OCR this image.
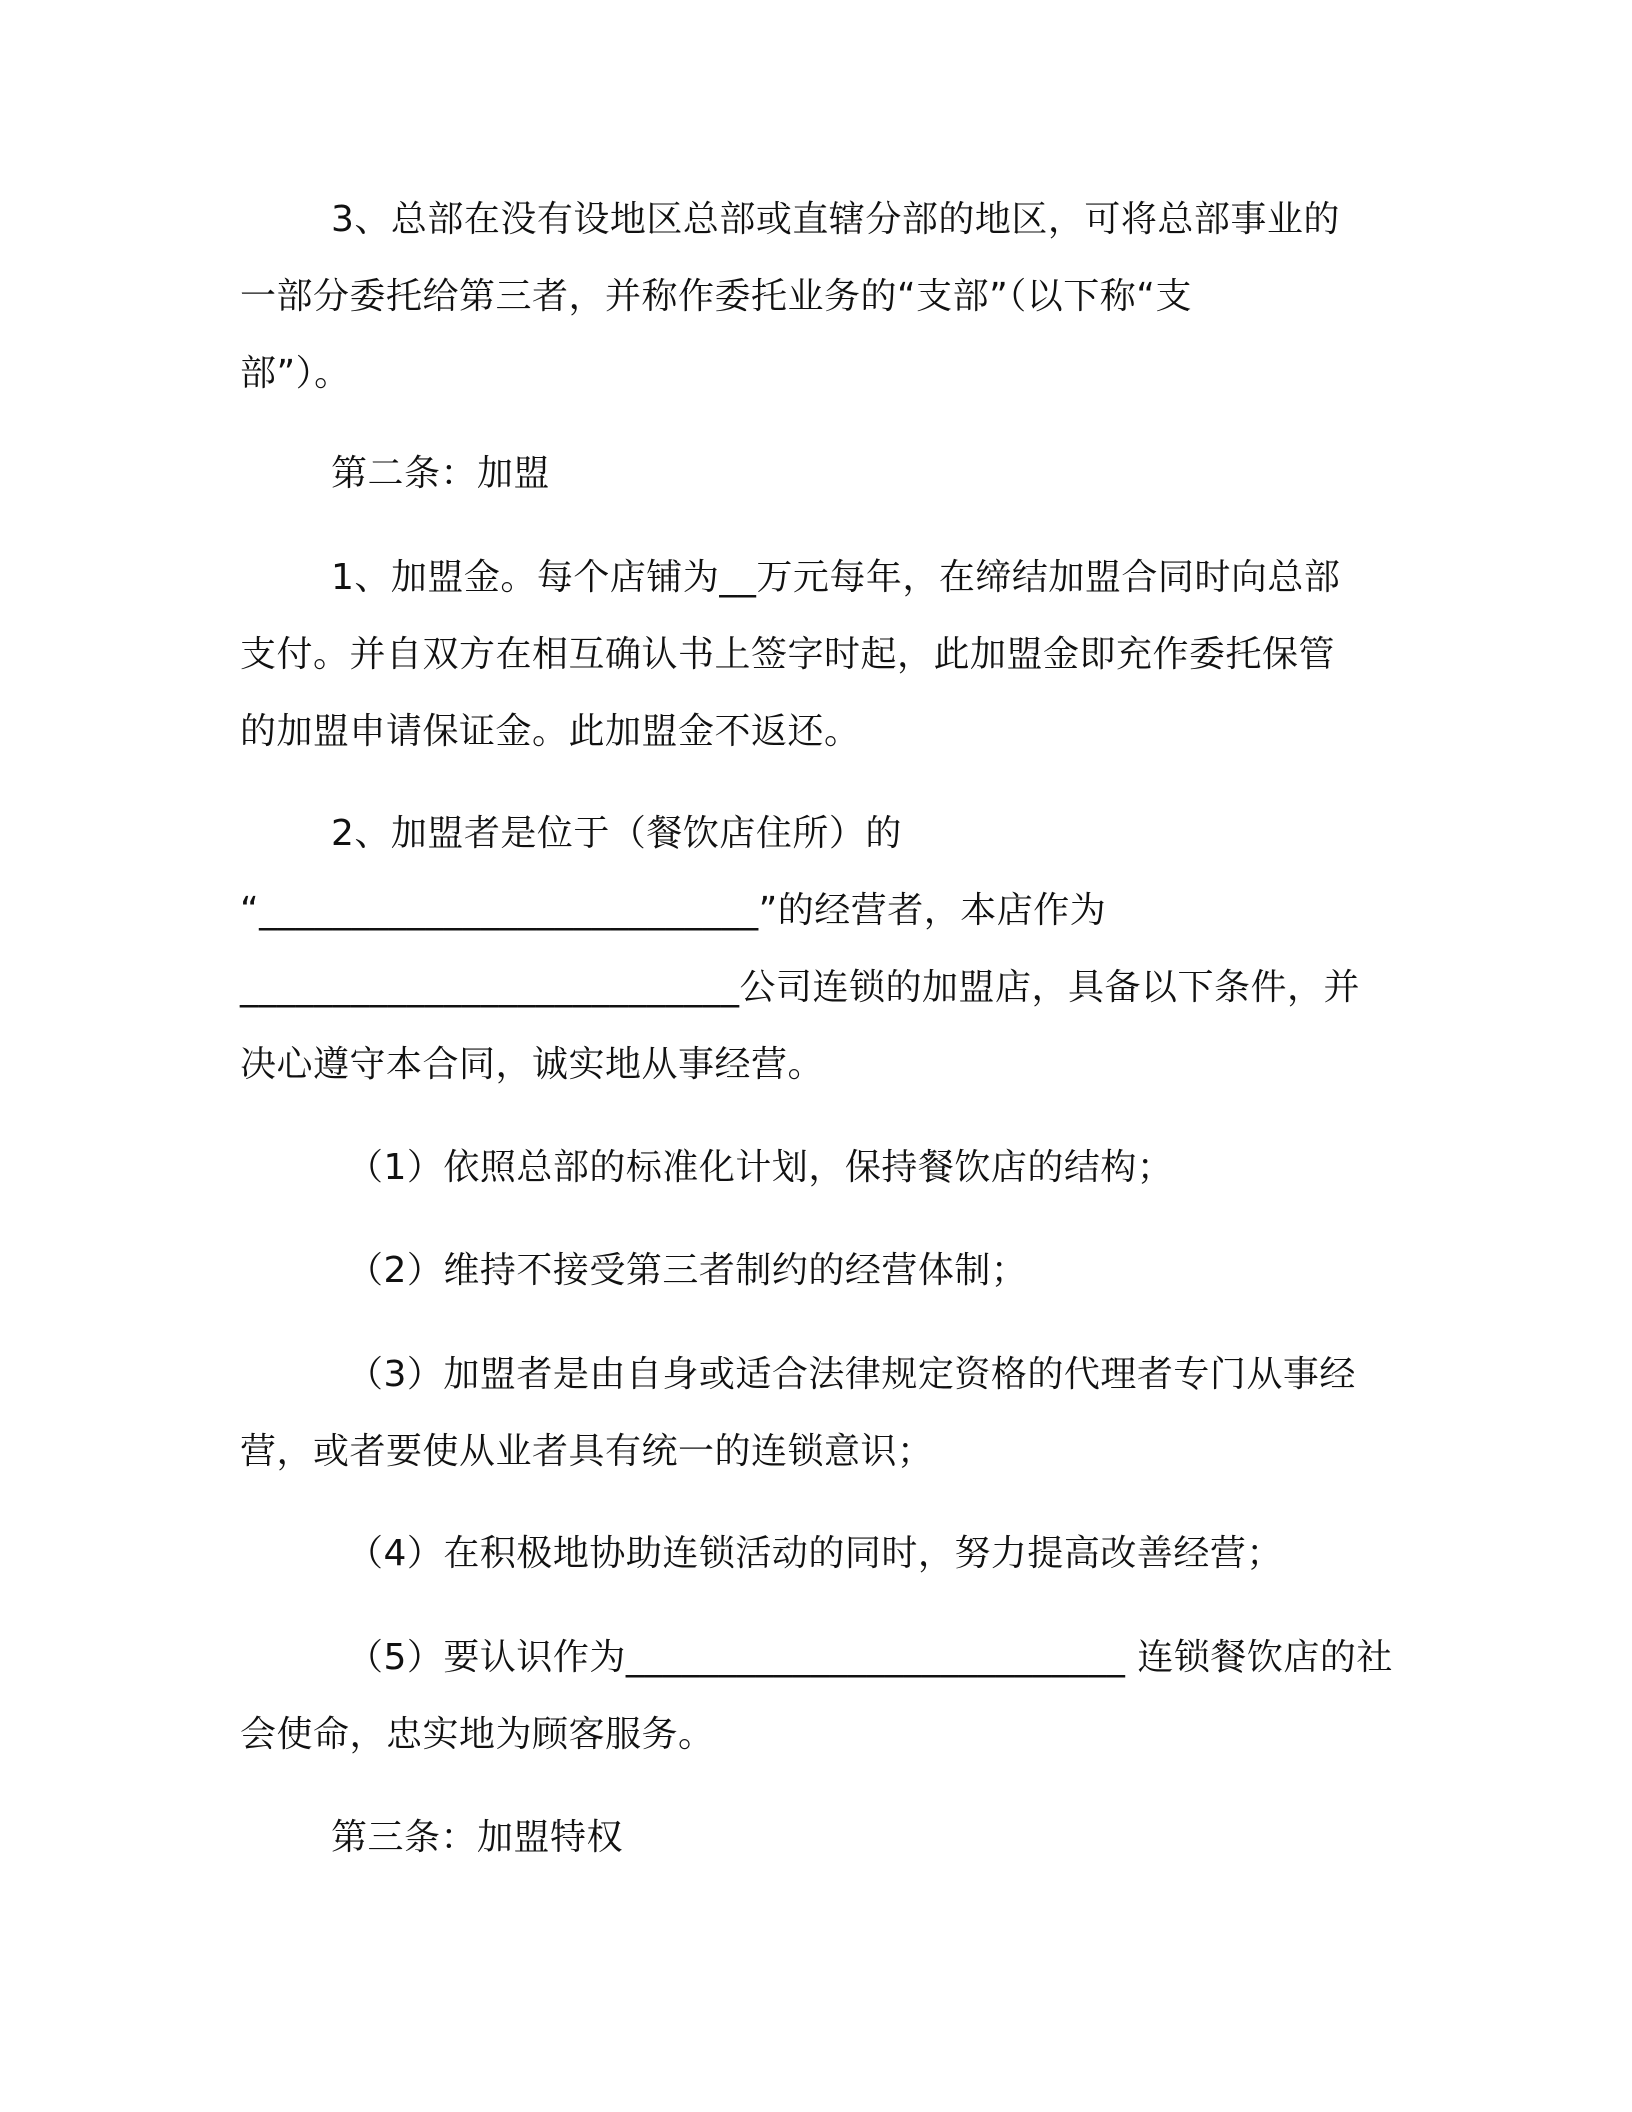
3、总部在没有设地区总部或直辖分部的地区，可将总部事业的
一部分委托给第三者，并称作委托业务的“支部”（以下称“支
部”）。
第二条：加盟
1、加盟金。每个店铺为__万元每年，在缔结加盟合同时向总部
支付。并自双方在相互确认书上签字时起，此加盟金即充作委托保管
的加盟申请保证金。此加盟金不返还。
2、加盟者是位于（餐饮店住所）的
“___________________________”的经营者，本店作为
___________________________公司连锁的加盟店，具备以下条件，并
决心遵守本合同，诚实地从事经营。
（1）依照总部的标准化计划，保持餐饮店的结构；
（2）维持不接受第三者制约的经营体制；
（3）加盟者是由自身或适合法律规定资格的代理者专门从事经
营，或者要使从业者具有统一的连锁意识；
（4）在积极地协助连锁活动的同时，努力提高改善经营；
（5）要认识作为___________________________ 连锁餐饮店的社
会使命，忠实地为顾客服务。
第三条：加盟特权
